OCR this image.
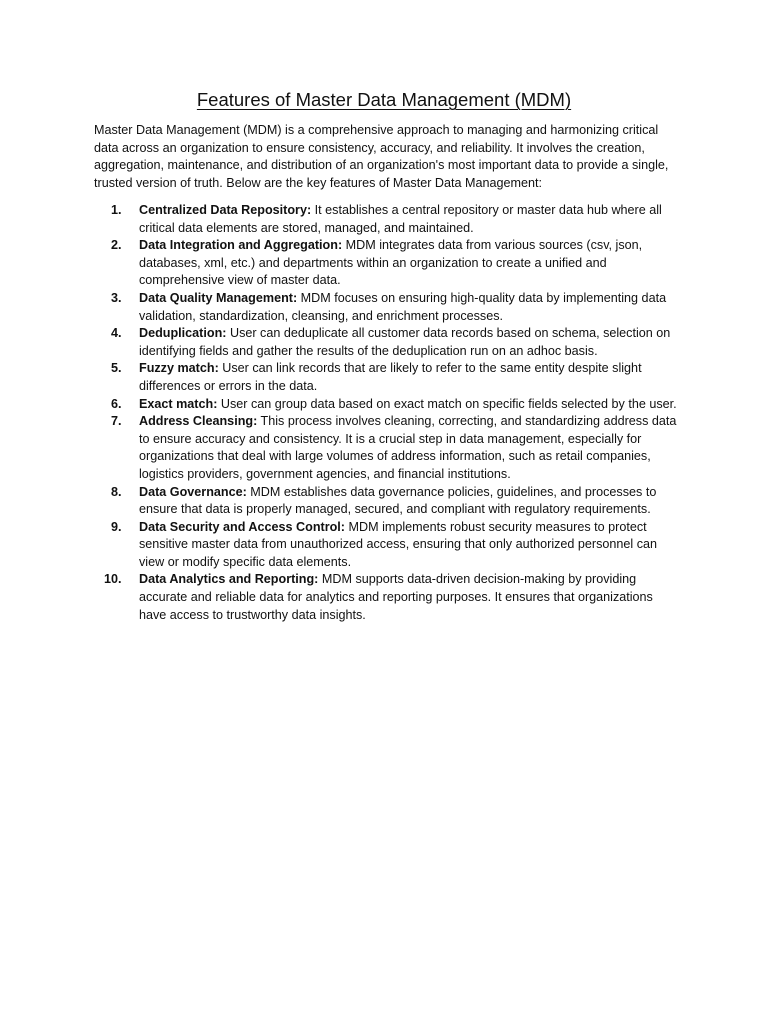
Features of Master Data Management (MDM)

Master Data Management (MDM) is a comprehensive approach to managing and harmonizing critical data across an organization to ensure consistency, accuracy, and reliability. It involves the creation, aggregation, maintenance, and distribution of an organization's most important data to provide a single, trusted version of truth. Below are the key features of Master Data Management:

1.	Centralized Data Repository: It establishes a central repository or master data hub where all critical data elements are stored, managed, and maintained.
2.	Data Integration and Aggregation: MDM integrates data from various sources (csv, json, databases, xml, etc.) and departments within an organization to create a unified and comprehensive view of master data.
3.	Data Quality Management: MDM focuses on ensuring high-quality data by implementing data validation, standardization, cleansing, and enrichment processes.
4.	Deduplication: User can deduplicate all customer data records based on schema, selection on identifying fields and gather the results of the deduplication run on an adhoc basis.
5.	Fuzzy match: User can link records that are likely to refer to the same entity despite slight differences or errors in the data.
6.	Exact match: User can group data based on exact match on specific fields selected by the user.
7.	Address Cleansing: This process involves cleaning, correcting, and standardizing address data to ensure accuracy and consistency. It is a crucial step in data management, especially for organizations that deal with large volumes of address information, such as retail companies, logistics providers, government agencies, and financial institutions.
8.	Data Governance: MDM establishes data governance policies, guidelines, and processes to ensure that data is properly managed, secured, and compliant with regulatory requirements.
9.	Data Security and Access Control: MDM implements robust security measures to protect sensitive master data from unauthorized access, ensuring that only authorized personnel can view or modify specific data elements.
10.	Data Analytics and Reporting: MDM supports data-driven decision-making by providing accurate and reliable data for analytics and reporting purposes. It ensures that organizations have access to trustworthy data insights.
